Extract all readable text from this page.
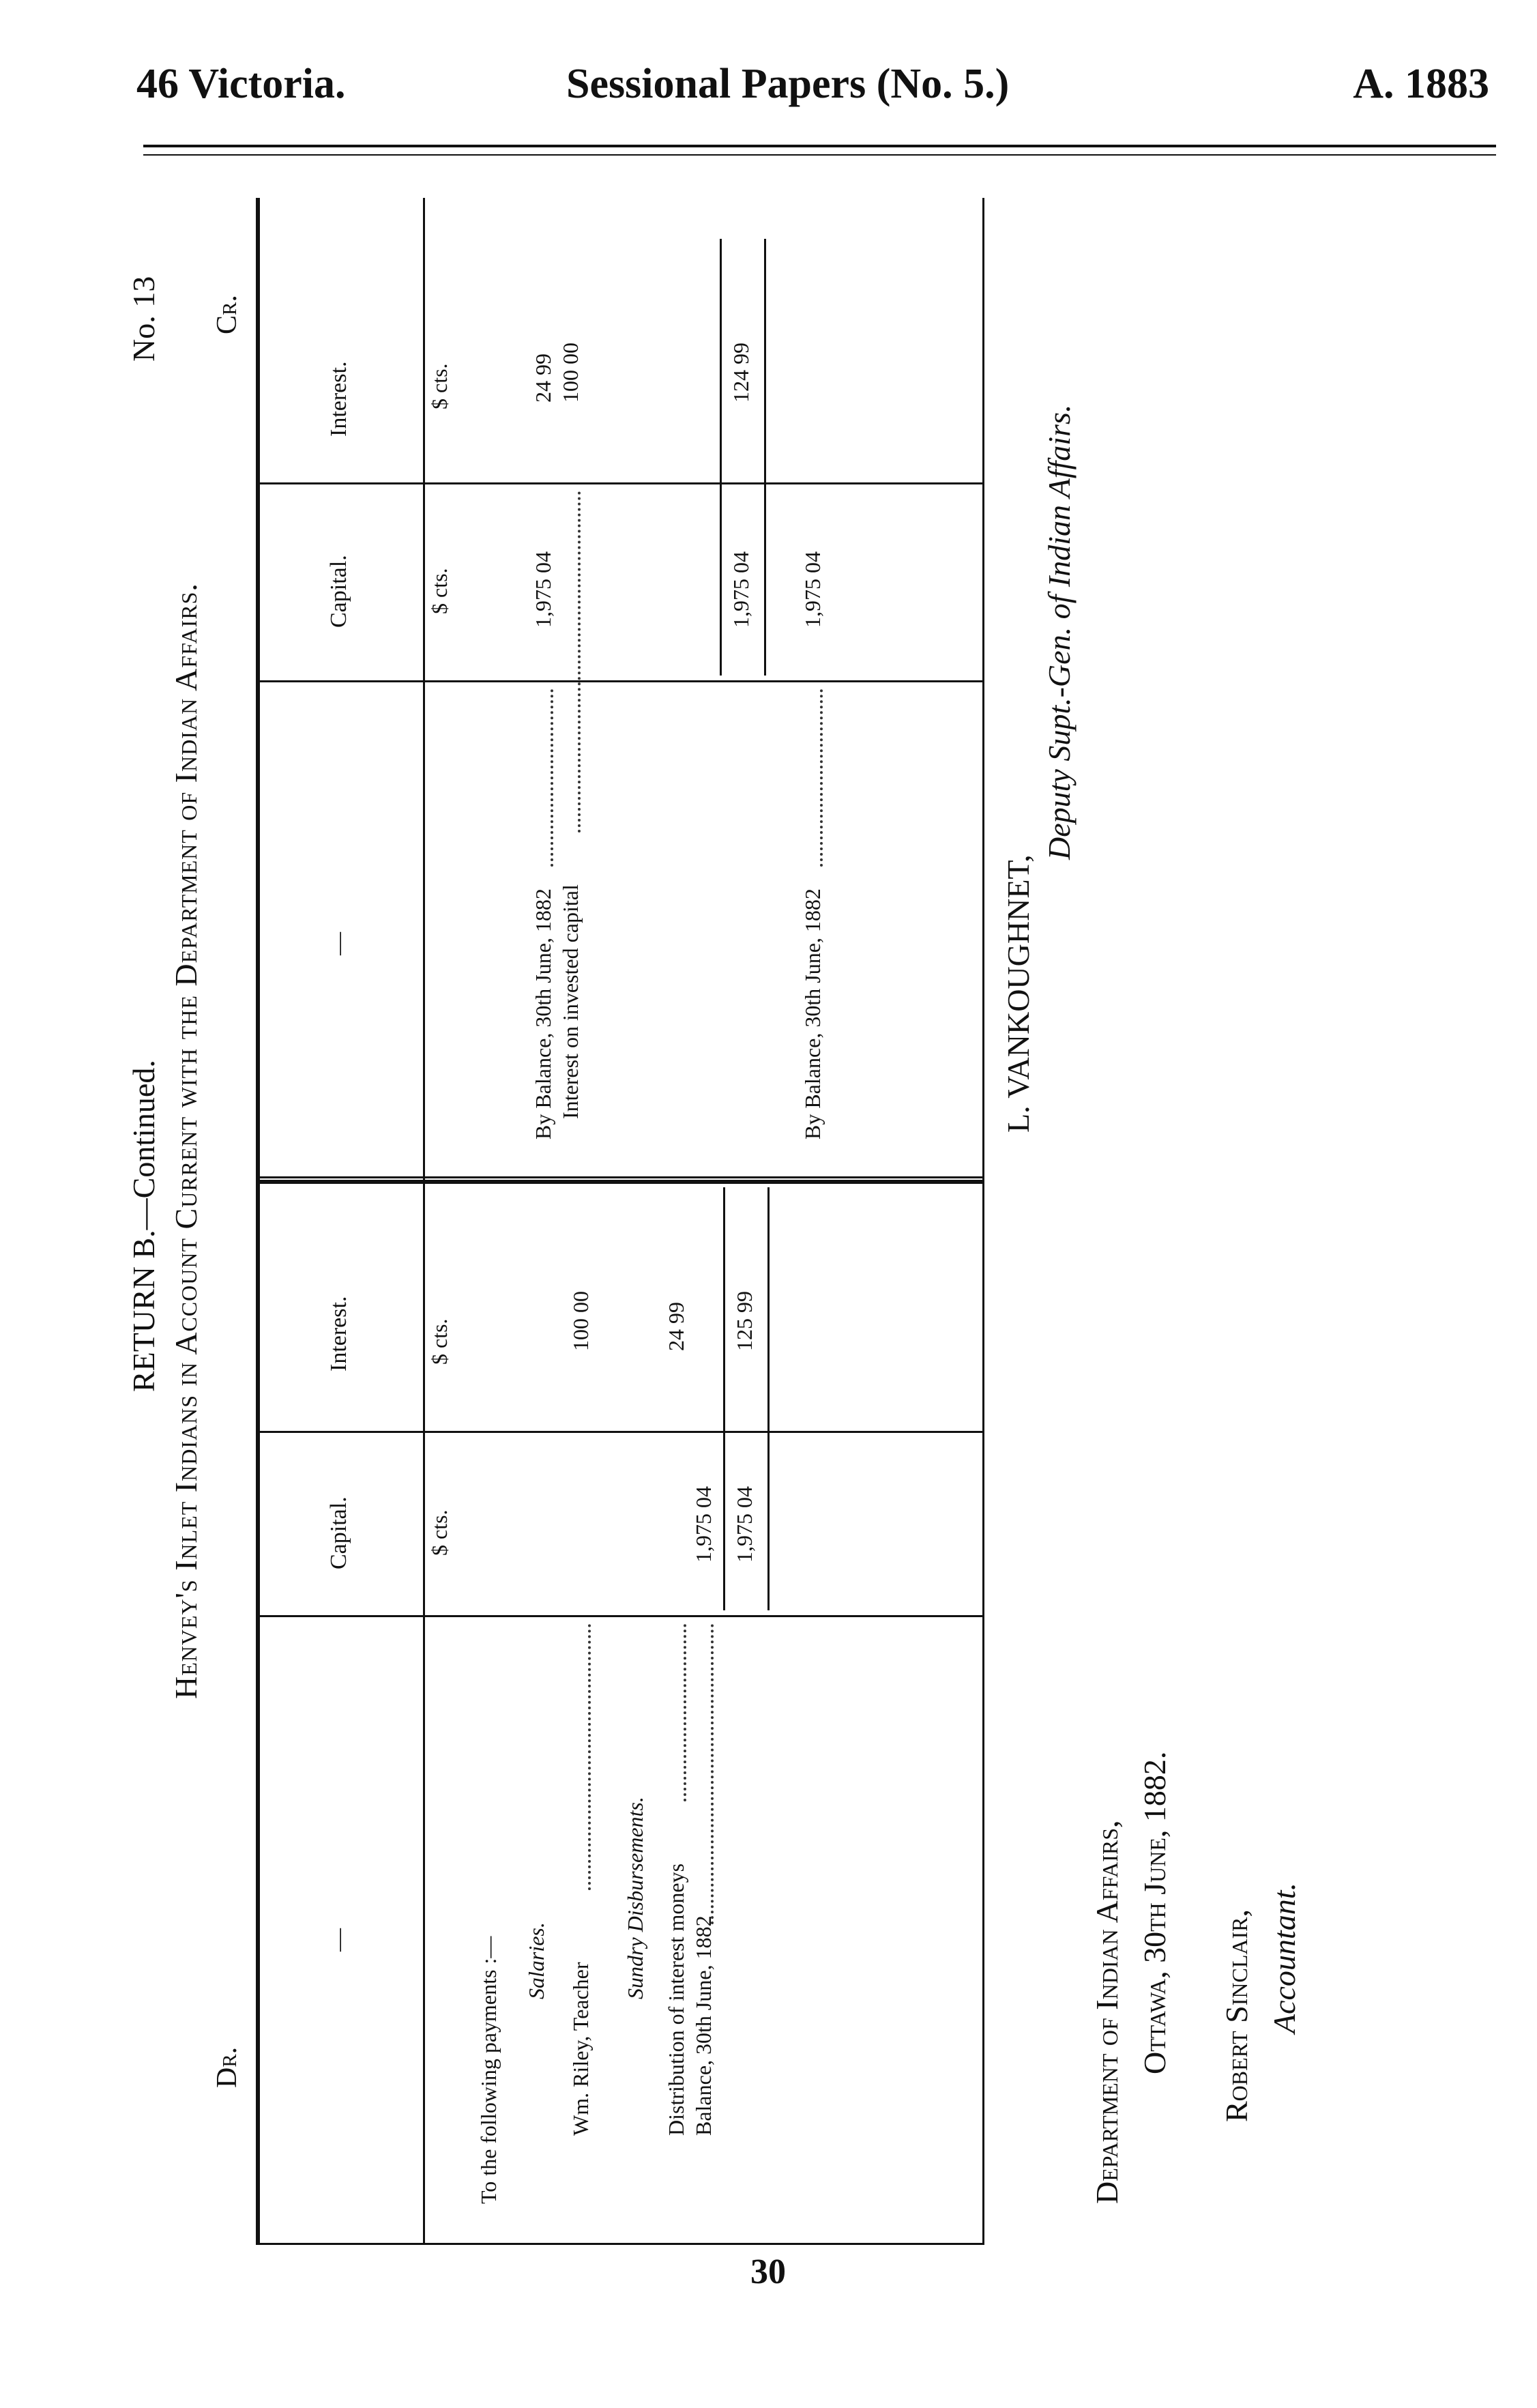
46 Victoria.	Sessional Papers (No. 5.)	A. 1883
RETURN B.—Continued.
No. 13
Henvey's Inlet Indians in Account Current with the Department of Indian Affairs.
Dr.
Cr.
—
Capital.
Interest.
$ cts.
$ cts.
—
Capital.
Interest.
$ cts.
$ cts.
To the following payments :— Salaries.
Wm. Riley, Teacher
100 00
Sundry Disbursements. Distribution of interest moneys
24 99
Balance, 30th June, 1882
1,975 04 1,975 04
125 99
By Balance, 30th June, 1882
1,975 04
24 99
Interest on invested capital
100 00
1,975 04
124 99
By Balance, 30th June, 1882
1,975 04
L. VANKOUGHNET,
Deputy Supt.-Gen. of Indian Affairs.
Department of Indian Affairs, Ottawa, 30th June, 1882. Robert Sinclair, Accountant.
30
